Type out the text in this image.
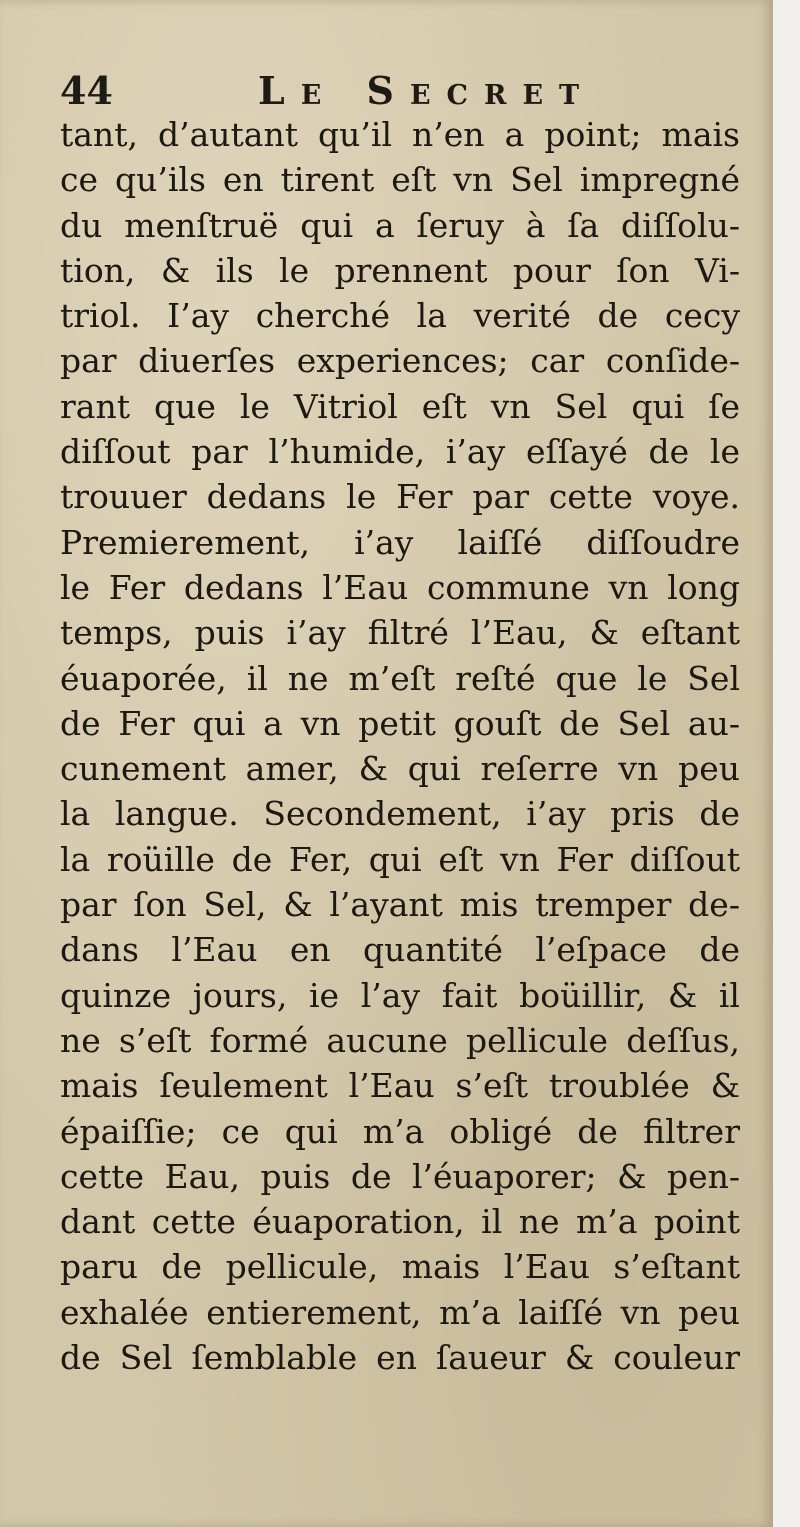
44	Le Secret
tant, d’autant qu’il n’en a point; mais
ce qu’ils en tirent eſt vn Sel impregné
du menſtruë qui a ſeruy à ſa diſſolu-
tion, & ils le prennent pour ſon Vi-
triol. I’ay cherché la verité de cecy
par diuerſes experiences; car conſide-
rant que le Vitriol eſt vn Sel qui ſe
diſſout par l’humide, i’ay eſſayé de le
trouuer dedans le Fer par cette voye.
Premierement, i’ay laiſſé diſſoudre
le Fer dedans l’Eau commune vn long
temps, puis i’ay filtré l’Eau, & eſtant
éuaporée, il ne m’eſt reſté que le Sel
de Fer qui a vn petit gouſt de Sel au-
cunement amer, & qui reſerre vn peu
la langue. Secondement, i’ay pris de
la roüille de Fer, qui eſt vn Fer diſſout
par ſon Sel, & l’ayant mis tremper de-
dans l’Eau en quantité l’eſpace de
quinze jours, ie l’ay fait boüillir, & il
ne s’eſt formé aucune pellicule deſſus,
mais ſeulement l’Eau s’eſt troublée &
épaiſſie; ce qui m’a obligé de filtrer
cette Eau, puis de l’éuaporer; & pen-
dant cette éuaporation, il ne m’a point
paru de pellicule, mais l’Eau s’eſtant
exhalée entierement, m’a laiſſé vn peu
de Sel ſemblable en ſaueur & couleur
